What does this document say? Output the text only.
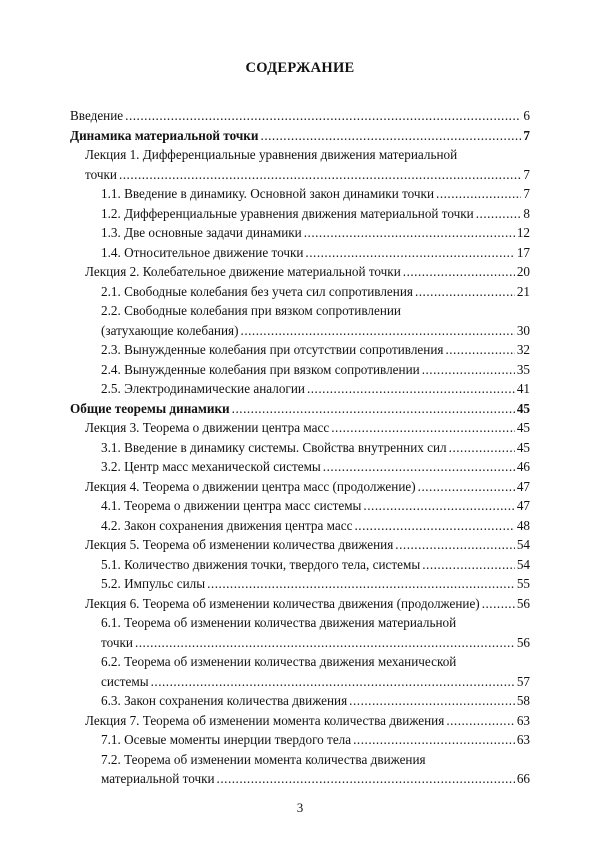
СОДЕРЖАНИЕ
Введение .....	6
Динамика материальной точки .....	7
Лекция 1. Дифференциальные уравнения движения материальной
точки .....	7
1.1. Введение в динамику. Основной закон динамики точки .....	7
1.2. Дифференциальные уравнения движения материальной точки .....	8
1.3. Две основные задачи динамики .....	12
1.4. Относительное движение точки .....	17
Лекция 2. Колебательное движение материальной точки .....	20
2.1. Свободные колебания без учета сил сопротивления .....	21
2.2. Свободные колебания при вязком сопротивлении
(затухающие колебания) .....	30
2.3. Вынужденные колебания при отсутствии сопротивления .....	32
2.4. Вынужденные колебания при вязком сопротивлении .....	35
2.5. Электродинамические аналогии .....	41
Общие теоремы динамики .....	45
Лекция 3. Теорема о движении центра масс .....	45
3.1. Введение в динамику системы. Свойства внутренних сил .....	45
3.2. Центр масс механической системы .....	46
Лекция 4. Теорема о движении центра масс (продолжение) .....	47
4.1. Теорема о движении центра масс системы .....	47
4.2. Закон сохранения движения центра масс .....	48
Лекция 5. Теорема об изменении количества движения .....	54
5.1. Количество движения точки, твердого тела, системы .....	54
5.2. Импульс силы .....	55
Лекция 6. Теорема об изменении количества движения (продолжение) .....	56
6.1. Теорема об изменении количества движения материальной
точки .....	56
6.2. Теорема об изменении количества движения механической
системы .....	57
6.3. Закон сохранения количества движения .....	58
Лекция 7. Теорема об изменении момента количества движения .....	63
7.1. Осевые моменты инерции твердого тела .....	63
7.2. Теорема об изменении момента количества движения
материальной точки .....	66
3
